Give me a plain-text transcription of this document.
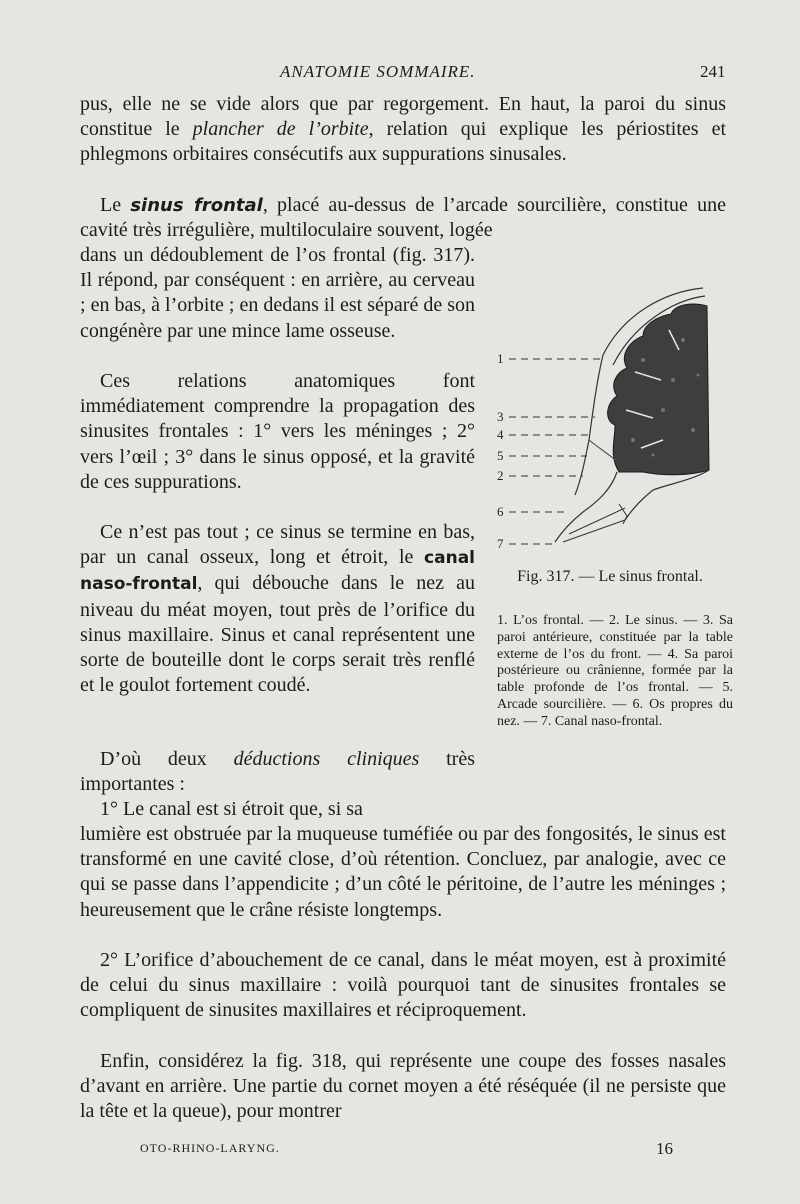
ANATOMIE SOMMAIRE.	241

pus, elle ne se vide alors que par regorgement. En haut, la paroi du sinus constitue le plancher de l’orbite, relation qui explique les périostites et phlegmons orbitaires consécutifs aux suppurations sinusales.

Le sinus frontal, placé au-dessus de l’arcade sourcilière, constitue une cavité très irrégulière, multiloculaire souvent, logée

dans un dédoublement de l’os frontal (fig. 317). Il répond, par conséquent : en arrière, au cerveau ; en bas, à l’orbite ; en dedans il est séparé de son congénère par une mince lame osseuse.

Ces relations anatomiques font immédiatement comprendre la propagation des sinusites frontales : 1° vers les méninges ; 2° vers l’œil ; 3° dans le sinus opposé, et la gravité de ces suppurations.

Ce n’est pas tout ; ce sinus se termine en bas, par un canal osseux, long et étroit, le canal naso-frontal, qui débouche dans le nez au niveau du méat moyen, tout près de l’orifice du sinus maxillaire. Sinus et canal représentent une sorte de bouteille dont le corps serait très renflé et le goulot fortement coudé.

D’où deux déductions cliniques très importantes :

1° Le canal est si étroit que, si sa

lumière est obstruée par la muqueuse tuméfiée ou par des fongosités, le sinus est transformé en une cavité close, d’où rétention. Concluez, par analogie, avec ce qui se passe dans l’appendicite ; d’un côté le péritoine, de l’autre les méninges ; heureusement que le crâne résiste longtemps.

2° L’orifice d’abouchement de ce canal, dans le méat moyen, est à proximité de celui du sinus maxillaire : voilà pourquoi tant de sinusites frontales se compliquent de sinusites maxillaires et réciproquement.

Enfin, considérez la fig. 318, qui représente une coupe des fosses nasales d’avant en arrière. Une partie du cornet moyen a été réséquée (il ne persiste que la tête et la queue), pour montrer

1
3
4
5
2
6
7
Fig. 317. — Le sinus frontal.

1. L’os frontal. — 2. Le sinus. — 3. Sa paroi antérieure, constituée par la table externe de l’os du front. — 4. Sa paroi postérieure ou crânienne, formée par la table profonde de l’os frontal. — 5. Arcade sourcilière. — 6. Os propres du nez. — 7. Canal naso-frontal.

OTO-RHINO-LARYNG.	16
